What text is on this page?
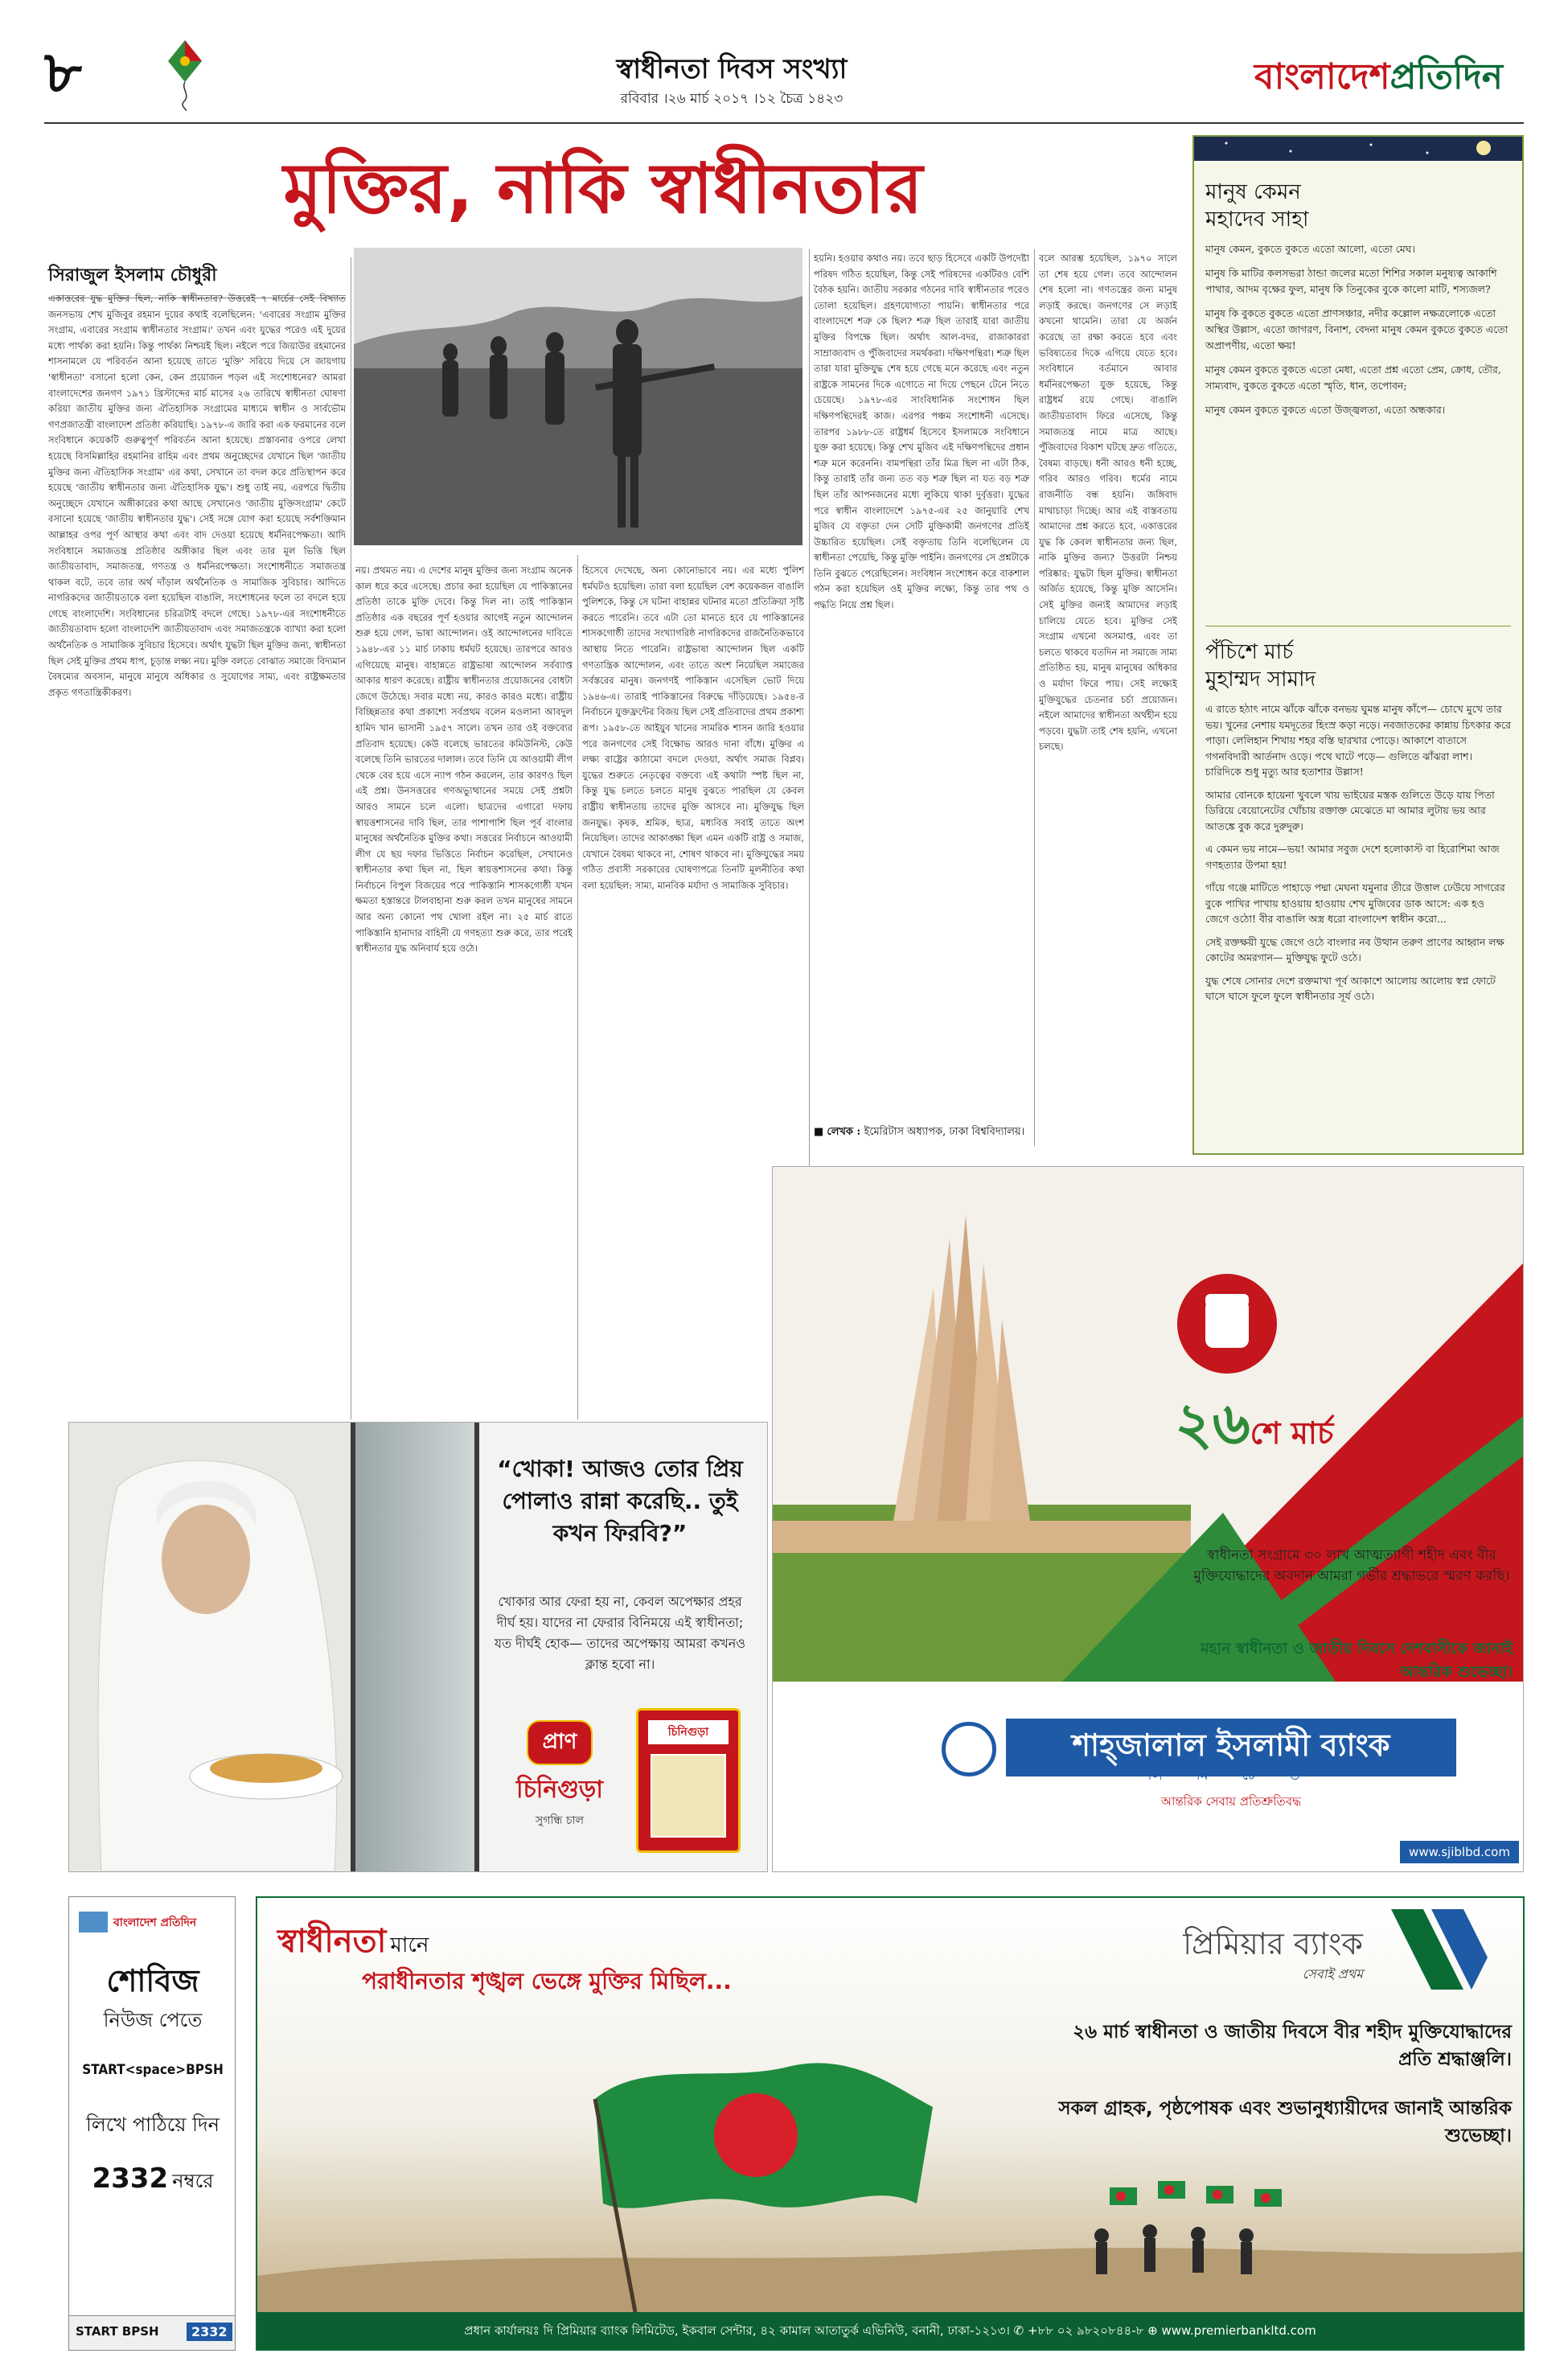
৮	স্বাধীনতা দিবস সংখ্যা
রবিবার ।২৬ মার্চ ২০১৭ ।১২ চৈত্র ১৪২৩
বাংলাদেশপ্রতিদিন
মুক্তির, নাকি স্বাধীনতার
সিরাজুল ইসলাম চৌধুরী
একাত্তরের যুদ্ধ মুক্তির ছিল, নাকি স্বাধীনতার? উত্তরেই ৭ মার্চের সেই বিখ্যাত জনসভায় শেখ মুজিবুর রহমান দুয়ের কথাই বলেছিলেন: 'এবারের সংগ্রাম মুক্তির সংগ্রাম, এবারের সংগ্রাম স্বাধীনতার সংগ্রাম।' তখন এবং যুদ্ধের পরেও এই দুয়ের মধ্যে পার্থক্য করা হয়নি। কিন্তু পার্থক্য নিশ্চয়ই ছিল। নইলে পরে জিয়াউর রহমানের শাসনামলে যে পরিবর্তন আনা হয়েছে তাতে 'মুক্তি' সরিয়ে দিয়ে সে জায়গায় 'স্বাধীনতা' বসানো হলো কেন, কেন প্রয়োজন পড়ল এই সংশোধনের? আমরা বাংলাদেশের জনগণ ১৯৭১ খ্রিস্টাব্দের মার্চ মাসের ২৬ তারিখে স্বাধীনতা ঘোষণা করিয়া জাতীয় মুক্তির জন্য ঐতিহাসিক সংগ্রামের মাধ্যমে স্বাধীন ও সার্বভৌম গণপ্রজাতন্ত্রী বাংলাদেশ প্রতিষ্ঠা করিয়াছি। ১৯৭৮-এ জারি করা এক ফরমানের বলে সংবিধানে কয়েকটি গুরুত্বপূর্ণ পরিবর্তন আনা হয়েছে। প্রস্তাবনার ওপরে লেখা হয়েছে বিসমিল্লাহির রহমানির রাহিম এবং প্রথম অনুচ্ছেদের যেখানে ছিল 'জাতীয় মুক্তির জন্য ঐতিহাসিক সংগ্রাম' এর কথা, সেখানে তা বদল করে প্রতিস্থাপন করে হয়েছে 'জাতীয় স্বাধীনতার জন্য ঐতিহাসিক যুদ্ধ'। শুধু তাই নয়, এরপরে দ্বিতীয় অনুচ্ছেদে যেখানে অঙ্গীকারের কথা আছে সেখানেও 'জাতীয় মুক্তিসংগ্রাম' কেটে বসানো হয়েছে 'জাতীয় স্বাধীনতার যুদ্ধ'। সেই সঙ্গে যোগ করা হয়েছে সর্বশক্তিমান আল্লাহর ওপর পূর্ণ আস্থার কথা এবং বাদ দেওয়া হয়েছে ধর্মনিরপেক্ষতা। আদি সংবিধানে সমাজতন্ত্র প্রতিষ্ঠার অঙ্গীকার ছিল এবং তার মূল ভিত্তি ছিল জাতীয়তাবাদ, সমাজতন্ত্র, গণতন্ত্র ও ধর্মনিরপেক্ষতা। সংশোধনীতে সমাজতন্ত্র থাকল বটে, তবে তার অর্থ দাঁড়াল অর্থনৈতিক ও সামাজিক সুবিচার। আদিতে নাগরিকদের জাতীয়তাকে বলা হয়েছিল বাঙালি, সংশোধনের ফলে তা বদলে হয়ে গেছে বাংলাদেশি। সংবিধানের চরিত্রটাই বদলে গেছে। ১৯৭৮-এর সংশোধনীতে জাতীয়তাবাদ হলো বাংলাদেশি জাতীয়তাবাদ এবং সমাজতন্ত্রকে ব্যাখ্যা করা হলো অর্থনৈতিক ও সামাজিক সুবিচার হিসেবে। অর্থাৎ যুদ্ধটা ছিল মুক্তির জন্য, স্বাধীনতা ছিল সেই মুক্তির প্রথম ধাপ, চূড়ান্ত লক্ষ্য নয়। মুক্তি বলতে বোঝাত সমাজে বিদ্যমান বৈষম্যের অবসান, মানুষে মানুষে অধিকার ও সুযোগের সাম্য, এবং রাষ্ট্রক্ষমতার প্রকৃত গণতান্ত্রিকীকরণ।
নয়। প্রথমত নয়। এ দেশের মানুষ মুক্তির জন্য সংগ্রাম অনেক কাল ধরে করে এসেছে। প্রচার করা হয়েছিল যে পাকিস্তানের প্রতিষ্ঠা তাকে মুক্তি দেবে। কিন্তু দিল না। তাই পাকিস্তান প্রতিষ্ঠার এক বছরের পূর্ণ হওয়ার আগেই নতুন আন্দোলন শুরু হয়ে গেল, ভাষা আন্দোলন। ওই আন্দোলনের দাবিতে ১৯৪৮-এর ১১ মার্চ ঢাকায় ধর্মঘট হয়েছে। তারপরে আরও এগিয়েছে মানুষ। বাহান্নতে রাষ্ট্রভাষা আন্দোলন সর্বব্যাপ্ত আকার ধারণ করেছে। রাষ্ট্রীয় স্বাধীনতার প্রয়োজনের বোধটা জেগে উঠেছে। সবার মধ্যে নয়, কারও কারও মধ্যে। রাষ্ট্রীয় বিচ্ছিন্নতার কথা প্রকাশ্যে সর্বপ্রথম বলেন মওলানা আবদুল হামিদ খান ভাসানী ১৯৫৭ সালে। তখন তার ওই বক্তব্যের প্রতিবাদ হয়েছে। কেউ বলেছে ভারতের কমিউনিস্ট, কেউ বলেছে তিনি ভারতের দালাল। তবে তিনি যে আওয়ামী লীগ থেকে বের হয়ে এসে ন্যাপ গঠন করলেন, তার কারণও ছিল এই প্রশ্ন। উনসত্তরের গণঅভ্যুত্থানের সময়ে সেই প্রশ্নটা আরও সামনে চলে এলো। ছাত্রদের এগারো দফায় স্বায়ত্তশাসনের দাবি ছিল, তার পাশাপাশি ছিল পূর্ব বাংলার মানুষের অর্থনৈতিক মুক্তির কথা। সত্তরের নির্বাচনে আওয়ামী লীগ যে ছয় দফার ভিত্তিতে নির্বাচন করেছিল, সেখানেও স্বাধীনতার কথা ছিল না, ছিল স্বায়ত্তশাসনের কথা। কিন্তু নির্বাচনে বিপুল বিজয়ের পরে পাকিস্তানি শাসকগোষ্ঠী যখন ক্ষমতা হস্তান্তরে টালবাহানা শুরু করল তখন মানুষের সামনে আর অন্য কোনো পথ খোলা রইল না। ২৫ মার্চ রাতে পাকিস্তানি হানাদার বাহিনী যে গণহত্যা শুরু করে, তার পরেই স্বাধীনতার যুদ্ধ অনিবার্য হয়ে ওঠে।
হিসেবে দেখেছে, অন্য কোনোভাবে নয়। এর মধ্যে পুলিশ ধর্মঘটও হয়েছিল। তারা বলা হয়েছিল বেশ কয়েকজন বাঙালি পুলিশকে, কিন্তু সে ঘটনা বাহান্নর ঘটনার মতো প্রতিক্রিয়া সৃষ্টি করতে পারেনি। তবে এটা তো মানতে হবে যে পাকিস্তানের শাসকগোষ্ঠী তাদের সংখ্যাগরিষ্ঠ নাগরিকদের রাজনৈতিকভাবে আস্থায় নিতে পারেনি। রাষ্ট্রভাষা আন্দোলন ছিল একটি গণতান্ত্রিক আন্দোলন, এবং তাতে অংশ নিয়েছিল সমাজের সর্বস্তরের মানুষ। জনগণই পাকিস্তান এসেছিল ভোট দিয়ে ১৯৪৬-এ। তারাই পাকিস্তানের বিরুদ্ধে দাঁড়িয়েছে। ১৯৫৪-র নির্বাচনে যুক্তফ্রন্টের বিজয় ছিল সেই প্রতিবাদের প্রথম প্রকাশ্য রূপ। ১৯৫৮-তে আইয়ুব খানের সামরিক শাসন জারি হওয়ার পরে জনগণের সেই বিক্ষোভ আরও দানা বাঁধে। মুক্তির এ লক্ষ্য রাষ্ট্রের কাঠামো বদলে দেওয়া, অর্থাৎ সমাজ বিপ্লব। যুদ্ধের শুরুতে নেতৃত্বের বক্তব্যে এই কথাটা স্পষ্ট ছিল না, কিন্তু যুদ্ধ চলতে চলতে মানুষ বুঝতে পারছিল যে কেবল রাষ্ট্রীয় স্বাধীনতায় তাদের মুক্তি আসবে না। মুক্তিযুদ্ধ ছিল জনযুদ্ধ। কৃষক, শ্রমিক, ছাত্র, মধ্যবিত্ত সবাই তাতে অংশ নিয়েছিল। তাদের আকাঙ্ক্ষা ছিল এমন একটি রাষ্ট্র ও সমাজ, যেখানে বৈষম্য থাকবে না, শোষণ থাকবে না। মুক্তিযুদ্ধের সময় গঠিত প্রবাসী সরকারের ঘোষণাপত্রে তিনটি মূলনীতির কথা বলা হয়েছিল: সাম্য, মানবিক মর্যাদা ও সামাজিক সুবিচার।
হয়নি। হওয়ার কথাও নয়। তবে ছাড় হিসেবে একটি উপদেষ্টা পরিষদ গঠিত হয়েছিল, কিন্তু সেই পরিষদের একটিরও বেশি বৈঠক হয়নি। জাতীয় সরকার গঠনের দাবি স্বাধীনতার পরেও তোলা হয়েছিল। গ্রহণযোগ্যতা পায়নি। স্বাধীনতার পরে বাংলাদেশে শত্রু কে ছিল? শত্রু ছিল তারাই যারা জাতীয় মুক্তির বিপক্ষে ছিল। অর্থাৎ আল-বদর, রাজাকাররা সাম্রাজ্যবাদ ও পুঁজিবাদের সমর্থকরা। দক্ষিণপন্থিরা। শত্রু ছিল তারা যারা মুক্তিযুদ্ধ শেষ হয়ে গেছে মনে করেছে এবং নতুন রাষ্ট্রকে সামনের দিকে এগোতে না দিয়ে পেছনে টেনে নিতে চেয়েছে। ১৯৭৮-এর সাংবিধানিক সংশোধন ছিল দক্ষিণপন্থিদেরই কাজ। এরপর পঞ্চম সংশোধনী এসেছে। তারপর ১৯৮৮-তে রাষ্ট্রধর্ম হিসেবে ইসলামকে সংবিধানে যুক্ত করা হয়েছে। কিন্তু শেখ মুজিব এই দক্ষিণপন্থিদের প্রধান শত্রু মনে করেননি। বামপন্থিরা তাঁর মিত্র ছিল না এটা ঠিক, কিন্তু তারাই তাঁর জন্য তত বড় শত্রু ছিল না যত বড় শত্রু ছিল তাঁর আপনজনের মধ্যে লুকিয়ে থাকা দুর্বৃত্তরা। যুদ্ধের পরে স্বাধীন বাংলাদেশে ১৯৭৫-এর ২৫ জানুয়ারি শেখ মুজিব যে বক্তৃতা দেন সেটি মুক্তিকামী জনগণের প্রতিই উচ্চারিত হয়েছিল। সেই বক্তৃতায় তিনি বলেছিলেন যে স্বাধীনতা পেয়েছি, কিন্তু মুক্তি পাইনি। জনগণের সে প্রশ্নটাকে তিনি বুঝতে পেরেছিলেন। সংবিধান সংশোধন করে বাকশাল গঠন করা হয়েছিল ওই মুক্তির লক্ষ্যে, কিন্তু তার পথ ও পদ্ধতি নিয়ে প্রশ্ন ছিল।
বলে আরম্ভ হয়েছিল, ১৯৭০ সালে তা শেষ হয়ে গেল। তবে আন্দোলন শেষ হলো না। গণতন্ত্রের জন্য মানুষ লড়াই করছে। জনগণের সে লড়াই কখনো থামেনি। তারা যে অর্জন করেছে তা রক্ষা করতে হবে এবং ভবিষ্যতের দিকে এগিয়ে যেতে হবে। সংবিধানে বর্তমানে আবার ধর্মনিরপেক্ষতা যুক্ত হয়েছে, কিন্তু রাষ্ট্রধর্ম রয়ে গেছে। বাঙালি জাতীয়তাবাদ ফিরে এসেছে, কিন্তু সমাজতন্ত্র নামে মাত্র আছে। পুঁজিবাদের বিকাশ ঘটছে দ্রুত গতিতে, বৈষম্য বাড়ছে। ধনী আরও ধনী হচ্ছে, গরিব আরও গরিব। ধর্মের নামে রাজনীতি বন্ধ হয়নি। জঙ্গিবাদ মাথাচাড়া দিচ্ছে। আর এই বাস্তবতায় আমাদের প্রশ্ন করতে হবে, একাত্তরের যুদ্ধ কি কেবল স্বাধীনতার জন্য ছিল, নাকি মুক্তির জন্য? উত্তরটা নিশ্চয় পরিষ্কার: যুদ্ধটা ছিল মুক্তির। স্বাধীনতা অর্জিত হয়েছে, কিন্তু মুক্তি আসেনি। সেই মুক্তির জন্যই আমাদের লড়াই চালিয়ে যেতে হবে। মুক্তির সেই সংগ্রাম এখনো অসমাপ্ত, এবং তা চলতে থাকবে যতদিন না সমাজে সাম্য প্রতিষ্ঠিত হয়, মানুষ মানুষের অধিকার ও মর্যাদা ফিরে পায়। সেই লক্ষ্যেই মুক্তিযুদ্ধের চেতনার চর্চা প্রয়োজন। নইলে আমাদের স্বাধীনতা অর্থহীন হয়ে পড়বে। যুদ্ধটা তাই শেষ হয়নি, এখনো চলছে।
■ লেখক : ইমেরিটাস অধ্যাপক, ঢাকা বিশ্ববিদ্যালয়।
মানুষ কেমন
মহাদেব সাহা

মানুষ কেমন, বুকতে বুকতে এতো আলো, এতো মেঘ।

মানুষ কি মাটির কলসভরা ঠান্ডা জলের মতো শিশির সকাল মনুষ্যত্ব আকাশি পাথার, আদম বৃক্ষের ফুল, মানুষ কি তিনুকের বুকে কালো মাটি, শস্যজল?

মানুষ কি বুকতে বুকতে এতো প্রাণসঞ্চার, নদীর কল্লোল নক্ষত্রলোকে এতো অস্থির উল্লাস, এতো জাগরণ, বিনাশ, বেদনা মানুষ কেমন বুকতে বুকতে এতো অপ্রাপণীয়, এতো ক্ষয়!

মানুষ কেমন বুকতে বুকতে এতো মেধা, এতো প্রশ্ন এতো প্রেম, ক্রোধ, তৌর, সাম্যবাদ, বুকতে বুকতে এতো স্মৃতি, ধান, তপোবন;

মানুষ কেমন বুকতে বুকতে এতো উজ্জ্বলতা, এতো অন্ধকার।

পঁচিশে মার্চ
মুহাম্মদ সামাদ

এ রাতে হঠাৎ নামে ঝাঁকে ঝাঁকে বনভয় ঘুমন্ত মানুষ কাঁপে— চোখে মুখে তার ভয়। খুনের নেশায় যমদূতের হিংস্র কড়া নড়ে। নবজাতকের কান্নায় চিৎকার করে পাড়া। লেলিহান শিখায় শহর বস্তি ছারখার পোড়ে। আকাশে বাতাসে গগনবিদারী আর্তনাদ ওড়ে। পথে ঘাটে পড়ে— গুলিতে ঝাঁঝরা লাশ। চারিদিকে শুধু মৃত্যু আর হতাশার উল্লাস!

আমার বোনকে হায়েনা খুবলে খায় ভাইয়ের মস্তক গুলিতে উড়ে যায় পিতা ডিরিয়ে বেয়োনেটের খোঁচায় রক্তাক্ত মেঝেতে মা আমার লুটায় ভয় আর আতঙ্কে বুক করে দুরুদুরু।

এ কেমন ভয় নামে—ভয়! আমার সবুজ দেশে হলোকাস্ট বা হিরোশিমা আজ গণহত্যার উপমা হয়!

গাঁয়ে গঞ্জে মাটিতে পাহাড়ে পদ্মা মেঘনা যমুনার তীরে উত্তাল ঢেউয়ে সাগরের বুকে পাখির পাখায় হাওয়ায় হাওয়ায় শেখ মুজিবের ডাক আসে: এক হও জেগে ওঠো! বীর বাঙালি অস্ত্র ধরো বাংলাদেশ স্বাধীন করো...

সেই রক্তক্ষয়ী যুদ্ধে জেগে ওঠে বাংলার নব উত্থান তরুণ প্রাণের আহ্বান লক্ষ কোটের অমরগান— মুক্তিযুদ্ধ ফুটে ওঠে।

যুদ্ধ শেষে সোনার দেশে রক্তমাখা পূর্ব আকাশে আলোয় আলোয় স্বপ্ন ফোটে ঘাসে ঘাসে ফুলে ফুলে স্বাধীনতার সূর্য ওঠে।

“খোকা! আজও তোর প্রিয় পোলাও রান্না করেছি.. তুই কখন ফিরবি?”
খোকার আর ফেরা হয় না, কেবল অপেক্ষার প্রহর দীর্ঘ হয়। যাদের না ফেরার বিনিময়ে এই স্বাধীনতা; যত দীর্ঘই হোক— তাদের অপেক্ষায় আমরা কখনও ক্লান্ত হবো না।
প্রাণ
চিনিগুড়া
সুগন্ধি চাল
চিনিগুড়া
২৬শে মার্চ
স্বাধীনতা সংগ্রামে ৩০ লাখ আত্মত্যাগী শহীদ এবং বীর মুক্তিযোদ্ধাদের অবদান আমরা গভীর শ্রদ্ধাভরে স্মরণ করছি।
মহান স্বাধীনতা ও জাতীয় দিবসে দেশবাসীকে জানাই আন্তরিক শুভেচ্ছা।
শাহ্‌জালাল ইসলামী ব্যাংক
লি মি টে ড
আন্তরিক সেবায় প্রতিশ্রুতিবদ্ধ
www.sjiblbd.com
বাংলাদেশ প্রতিদিন
শোবিজ
নিউজ পেতে
START<space>BPSH
লিখে পাঠিয়ে দিন
2332 নম্বরে
START BPSH	2332
স্বাধীনতা মানে
পরাধীনতার শৃঙ্খল ভেঙ্গে মুক্তির মিছিল...
প্রিমিয়ার ব্যাংক
সেবাই প্রথম
২৬ মার্চ স্বাধীনতা ও জাতীয় দিবসে বীর শহীদ মুক্তিযোদ্ধাদের প্রতি শ্রদ্ধাঞ্জলি।
সকল গ্রাহক, পৃষ্ঠপোষক এবং শুভানুধ্যায়ীদের জানাই আন্তরিক শুভেচ্ছা।
প্রধান কার্যালয়ঃ দি প্রিমিয়ার ব্যাংক লিমিটেড, ইকবাল সেন্টার, ৪২ কামাল আতাতুর্ক এভিনিউ, বনানী, ঢাকা-১২১৩। ✆ +৮৮ ০২ ৯৮২০৮৪৪-৮ ⊕ www.premierbankltd.com
